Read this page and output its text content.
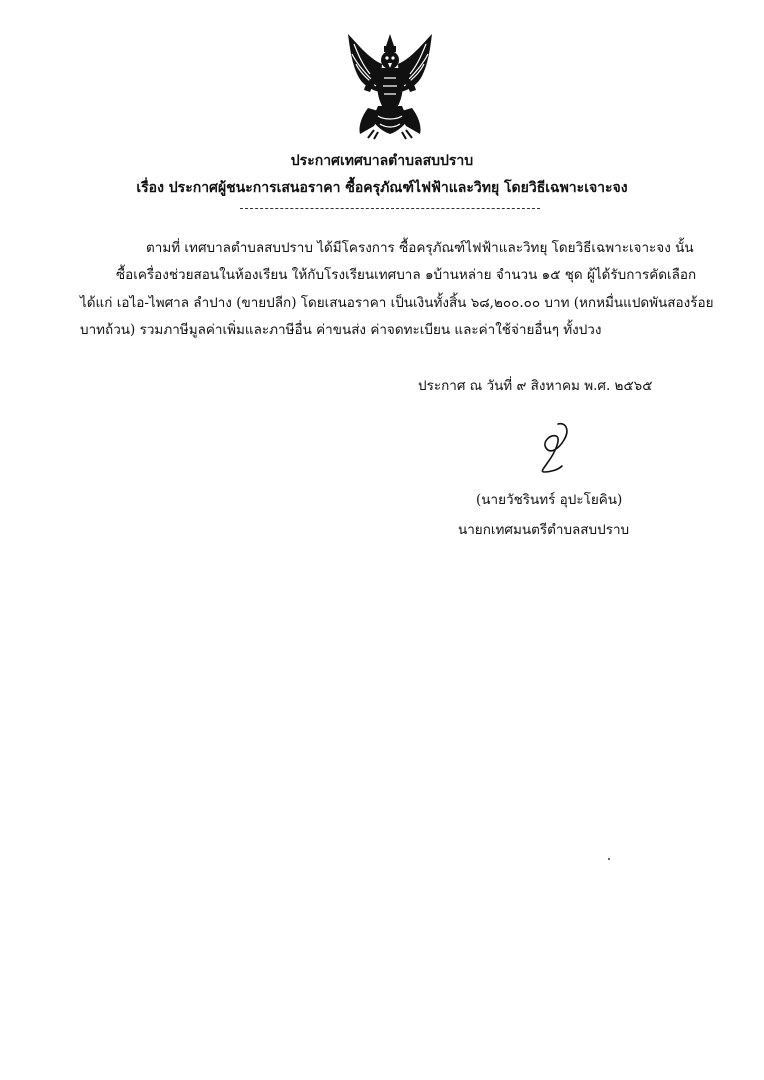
ประกาศเทศบาลตำบลสบปราบ
เรื่อง ประกาศผู้ชนะการเสนอราคา ซื้อครุภัณฑ์ไฟฟ้าและวิทยุ โดยวิธีเฉพาะเจาะจง
ตามที่ เทศบาลตำบลสบปราบ ได้มีโครงการ ซื้อครุภัณฑ์ไฟฟ้าและวิทยุ โดยวิธีเฉพาะเจาะจง นั้น
ซื้อเครื่องช่วยสอนในห้องเรียน ให้กับโรงเรียนเทศบาล ๑บ้านหล่าย จำนวน ๑๕ ชุด ผู้ได้รับการคัดเลือก
ได้แก่ เอไอ-ไพศาล ลำปาง (ขายปลีก) โดยเสนอราคา เป็นเงินทั้งสิ้น ๖๘,๒๐๐.๐๐ บาท (หกหมื่นแปดพันสองร้อย
บาทถ้วน) รวมภาษีมูลค่าเพิ่มและภาษีอื่น ค่าขนส่ง ค่าจดทะเบียน และค่าใช้จ่ายอื่นๆ ทั้งปวง
ประกาศ ณ วันที่ ๙ สิงหาคม พ.ศ. ๒๕๖๕
(นายวัชรินทร์ อุปะโยคิน)
นายกเทศมนตรีตำบลสบปราบ
